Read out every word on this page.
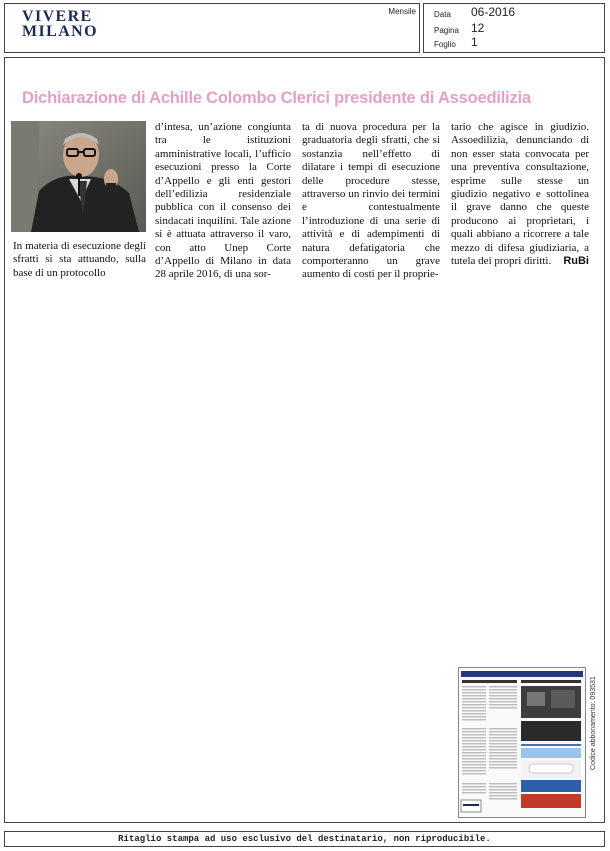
VIVERE
MILANO
Mensile Data 06-2016
Pagina 12
Foglio 1
Dichiarazione di Achille Colombo Clerici presidente di Assoedilizia
In materia di esecuzione degli sfratti si sta attuando, sulla base di un protocollo
d’intesa, un’azione congiunta tra le istituzioni amministrative locali, l’ufficio esecuzioni presso la Corte d’Appello e gli enti gestori dell’edilizia residenziale pubblica con il consenso dei sindacati inquilini. Tale azione si è attuata attraverso il varo, con atto Unep Corte d’Appello di Milano in data 28 aprile 2016, di una sor-
ta di nuova procedura per la graduatoria degli sfratti, che si sostanzia nell’effetto di dilatare i tempi di esecuzione delle procedure stesse, attraverso un rinvio dei termini e contestualmente l’introduzione di una serie di attività e di adempimenti di natura defatigatoria che comporteranno un grave aumento di costi per il proprie-
tario che agisce in giudizio. Assoedilizia, denunciando di non esser stata convocata per una preventiva consultazione, esprime sulle stesse un giudizio negativo e sottolinea il grave danno che queste producono ai proprietari, i quali abbiano a ricorrere a tale mezzo di difesa giudiziaria, a tutela dei propri diritti. RuBi
Codice abbonamento: 093531
Ritaglio stampa ad uso esclusivo del destinatario, non riproducibile.
